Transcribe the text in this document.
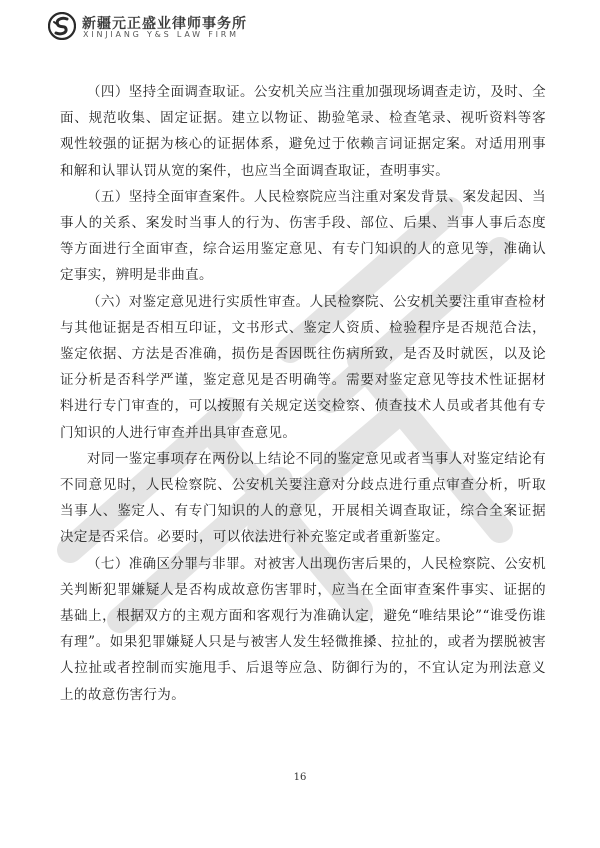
新疆元正盛业律师事务所
XINJIANG Y&S LAW FIRM

（四）坚持全面调查取证。公安机关应当注重加强现场调查走访，及时、全面、规范收集、固定证据。建立以物证、勘验笔录、检查笔录、视听资料等客观性较强的证据为核心的证据体系，避免过于依赖言词证据定案。对适用刑事和解和认罪认罚从宽的案件，也应当全面调查取证，查明事实。

（五）坚持全面审查案件。人民检察院应当注重对案发背景、案发起因、当事人的关系、案发时当事人的行为、伤害手段、部位、后果、当事人事后态度等方面进行全面审查，综合运用鉴定意见、有专门知识的人的意见等，准确认定事实，辨明是非曲直。

（六）对鉴定意见进行实质性审查。人民检察院、公安机关要注重审查检材与其他证据是否相互印证，文书形式、鉴定人资质、检验程序是否规范合法，鉴定依据、方法是否准确，损伤是否因既往伤病所致，是否及时就医，以及论证分析是否科学严谨，鉴定意见是否明确等。需要对鉴定意见等技术性证据材料进行专门审查的，可以按照有关规定送交检察、侦查技术人员或者其他有专门知识的人进行审查并出具审查意见。

对同一鉴定事项存在两份以上结论不同的鉴定意见或者当事人对鉴定结论有不同意见时，人民检察院、公安机关要注意对分歧点进行重点审查分析，听取当事人、鉴定人、有专门知识的人的意见，开展相关调查取证，综合全案证据决定是否采信。必要时，可以依法进行补充鉴定或者重新鉴定。

（七）准确区分罪与非罪。对被害人出现伤害后果的，人民检察院、公安机关判断犯罪嫌疑人是否构成故意伤害罪时，应当在全面审查案件事实、证据的基础上，根据双方的主观方面和客观行为准确认定，避免“唯结果论”“谁受伤谁有理”。如果犯罪嫌疑人只是与被害人发生轻微推搡、拉扯的，或者为摆脱被害人拉扯或者控制而实施甩手、后退等应急、防御行为的，不宜认定为刑法意义上的故意伤害行为。

16
